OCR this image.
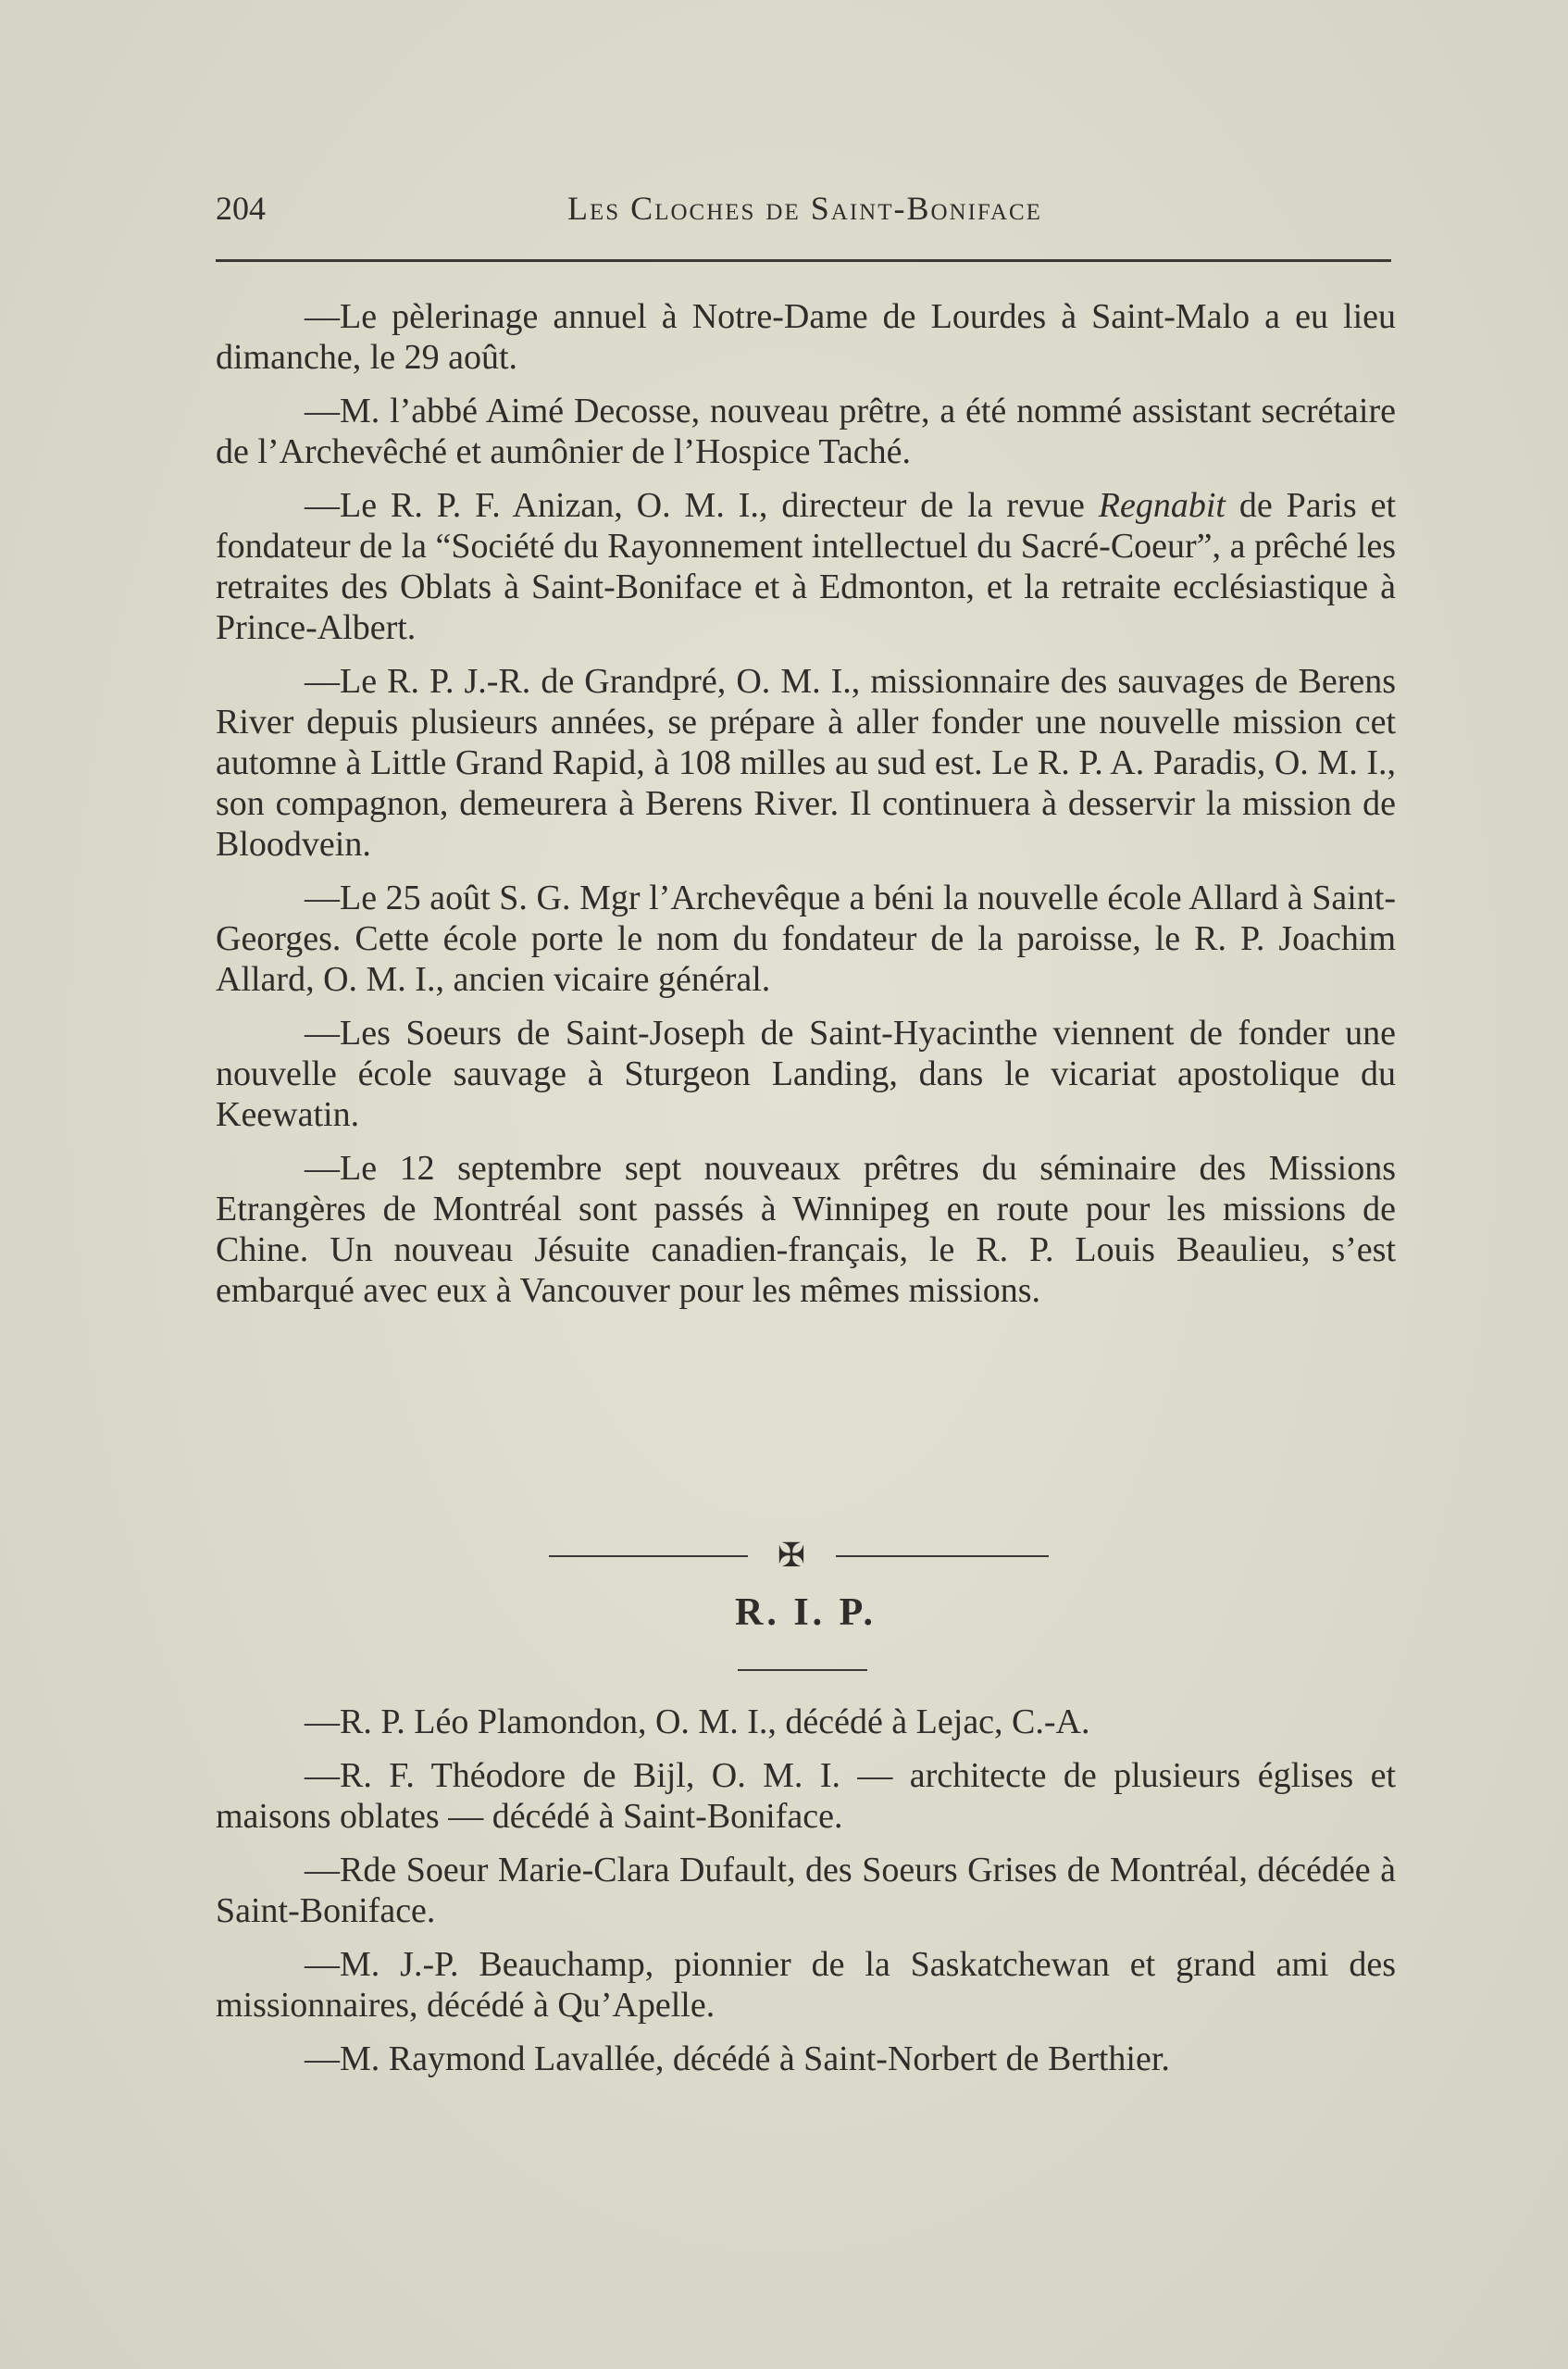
204	Les Cloches de Saint-Boniface

—Le pèlerinage annuel à Notre-Dame de Lourdes à Saint-Malo a eu lieu dimanche, le 29 août.

—M. l’abbé Aimé Decosse, nouveau prêtre, a été nommé assistant secrétaire de l’Archevêché et aumônier de l’Hospice Taché.

—Le R. P. F. Anizan, O. M. I., directeur de la revue Regnabit de Paris et fondateur de la “Société du Rayonnement intellectuel du Sacré-Coeur”, a prêché les retraites des Oblats à Saint-Boniface et à Edmonton, et la retraite ecclésiastique à Prince-Albert.

—Le R. P. J.-R. de Grandpré, O. M. I., missionnaire des sauvages de Berens River depuis plusieurs années, se prépare à aller fonder une nouvelle mission cet automne à Little Grand Rapid, à 108 milles au sud est. Le R. P. A. Paradis, O. M. I., son compagnon, demeurera à Berens River. Il continuera à desservir la mission de Bloodvein.

—Le 25 août S. G. Mgr l’Archevêque a béni la nouvelle école Allard à Saint-Georges. Cette école porte le nom du fondateur de la paroisse, le R. P. Joachim Allard, O. M. I., ancien vicaire général.

—Les Soeurs de Saint-Joseph de Saint-Hyacinthe viennent de fonder une nouvelle école sauvage à Sturgeon Landing, dans le vicariat apostolique du Keewatin.

—Le 12 septembre sept nouveaux prêtres du séminaire des Missions Etrangères de Montréal sont passés à Winnipeg en route pour les missions de Chine. Un nouveau Jésuite canadien-français, le R. P. Louis Beaulieu, s’est embarqué avec eux à Vancouver pour les mêmes missions.

✠
R. I. P.

—R. P. Léo Plamondon, O. M. I., décédé à Lejac, C.-A.

—R. F. Théodore de Bijl, O. M. I. — architecte de plusieurs églises et maisons oblates — décédé à Saint-Boniface.

—Rde Soeur Marie-Clara Dufault, des Soeurs Grises de Montréal, décédée à Saint-Boniface.

—M. J.-P. Beauchamp, pionnier de la Saskatchewan et grand ami des missionnaires, décédé à Qu’Apelle.

—M. Raymond Lavallée, décédé à Saint-Norbert de Berthier.
